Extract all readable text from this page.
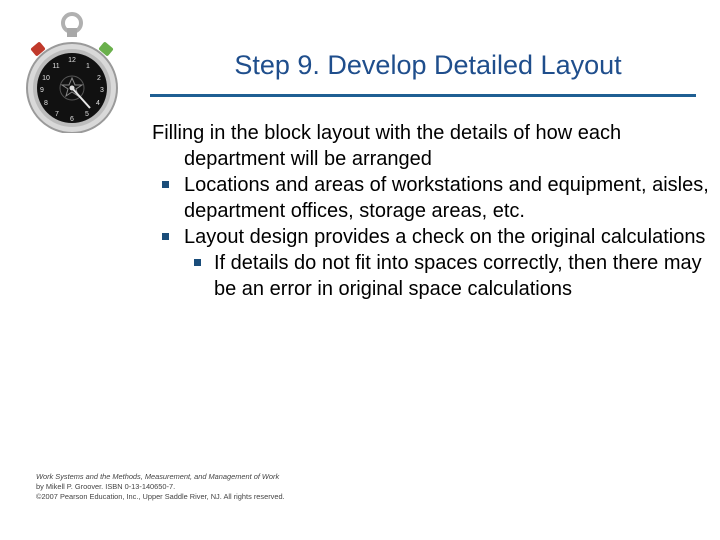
12
1
2
3
4
5
6
7
8
9
10
11	Step 9. Develop Detailed Layout

Filling in the block layout with the details of how each department will be arranged

Locations and areas of workstations and equipment, aisles, department offices, storage areas, etc.
Layout design provides a check on the original calculations
If details do not fit into spaces correctly, then there may be an error in original space calculations
Work Systems and the Methods, Measurement, and Management of Work
by Mikell P. Groover. ISBN 0-13-140650-7.
©2007 Pearson Education, Inc., Upper Saddle River, NJ. All rights reserved.
